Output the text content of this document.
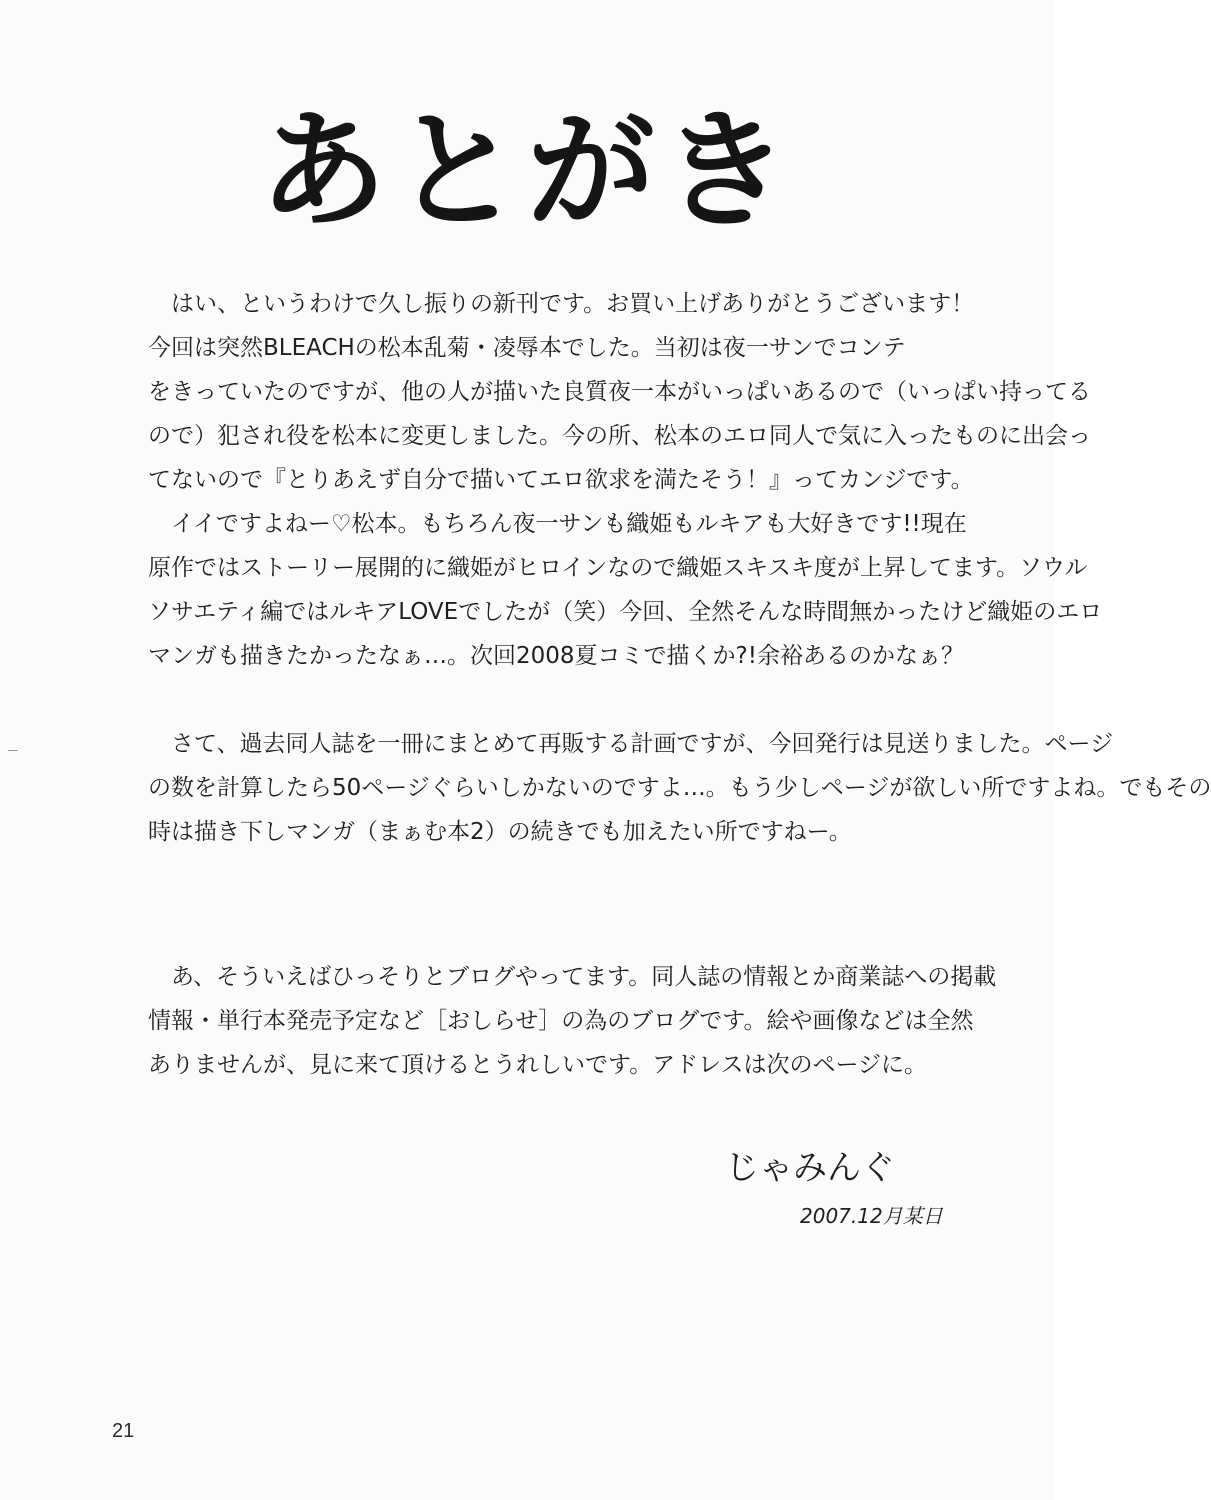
あとがき
　はい、というわけで久し振りの新刊です。お買い上げありがとうございます！
今回は突然BLEACHの松本乱菊・凌辱本でした。当初は夜一サンでコンテ
をきっていたのですが、他の人が描いた良質夜一本がいっぱいあるので（いっぱい持ってる
ので）犯され役を松本に変更しました。今の所、松本のエロ同人で気に入ったものに出会っ
てないので『とりあえず自分で描いてエロ欲求を満たそう！』ってカンジです。
　イイですよねー♡松本。もちろん夜一サンも織姫もルキアも大好きです!!現在
原作ではストーリー展開的に織姫がヒロインなので織姫スキスキ度が上昇してます。ソウル
ソサエティ編ではルキアLOVEでしたが（笑）今回、全然そんな時間無かったけど織姫のエロ
マンガも描きたかったなぁ…。次回2008夏コミで描くか?!余裕あるのかなぁ？
　さて、過去同人誌を一冊にまとめて再販する計画ですが、今回発行は見送りました。ページ
の数を計算したら50ページぐらいしかないのですよ…。もう少しページが欲しい所ですよね。でもその
時は描き下しマンガ（まぁむ本2）の続きでも加えたい所ですねー。
　あ、そういえばひっそりとブログやってます。同人誌の情報とか商業誌への掲載
情報・単行本発売予定など［おしらせ］の為のブログです。絵や画像などは全然
ありませんが、見に来て頂けるとうれしいです。アドレスは次のページに。
じゃみんぐ
2007.12月某日
21
